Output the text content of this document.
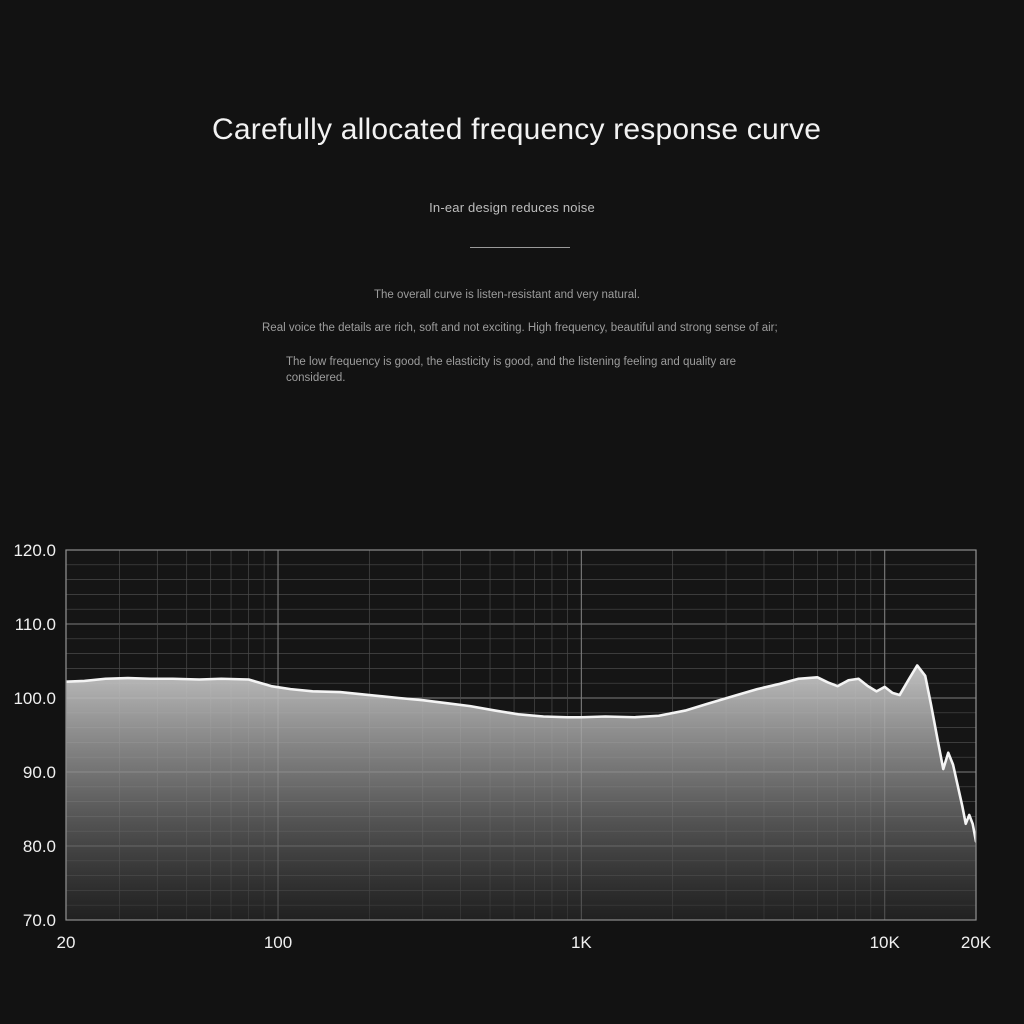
Carefully allocated frequency response curve
In-ear design reduces noise
The overall curve is listen-resistant and very natural.
Real voice the details are rich, soft and not exciting. High frequency, beautiful and strong sense of air;
The low frequency is good, the elasticity is good, and the listening feeling and quality are considered.
120.0
110.0
100.0
90.0
80.0
70.0
20	100	1K	10K	20K
